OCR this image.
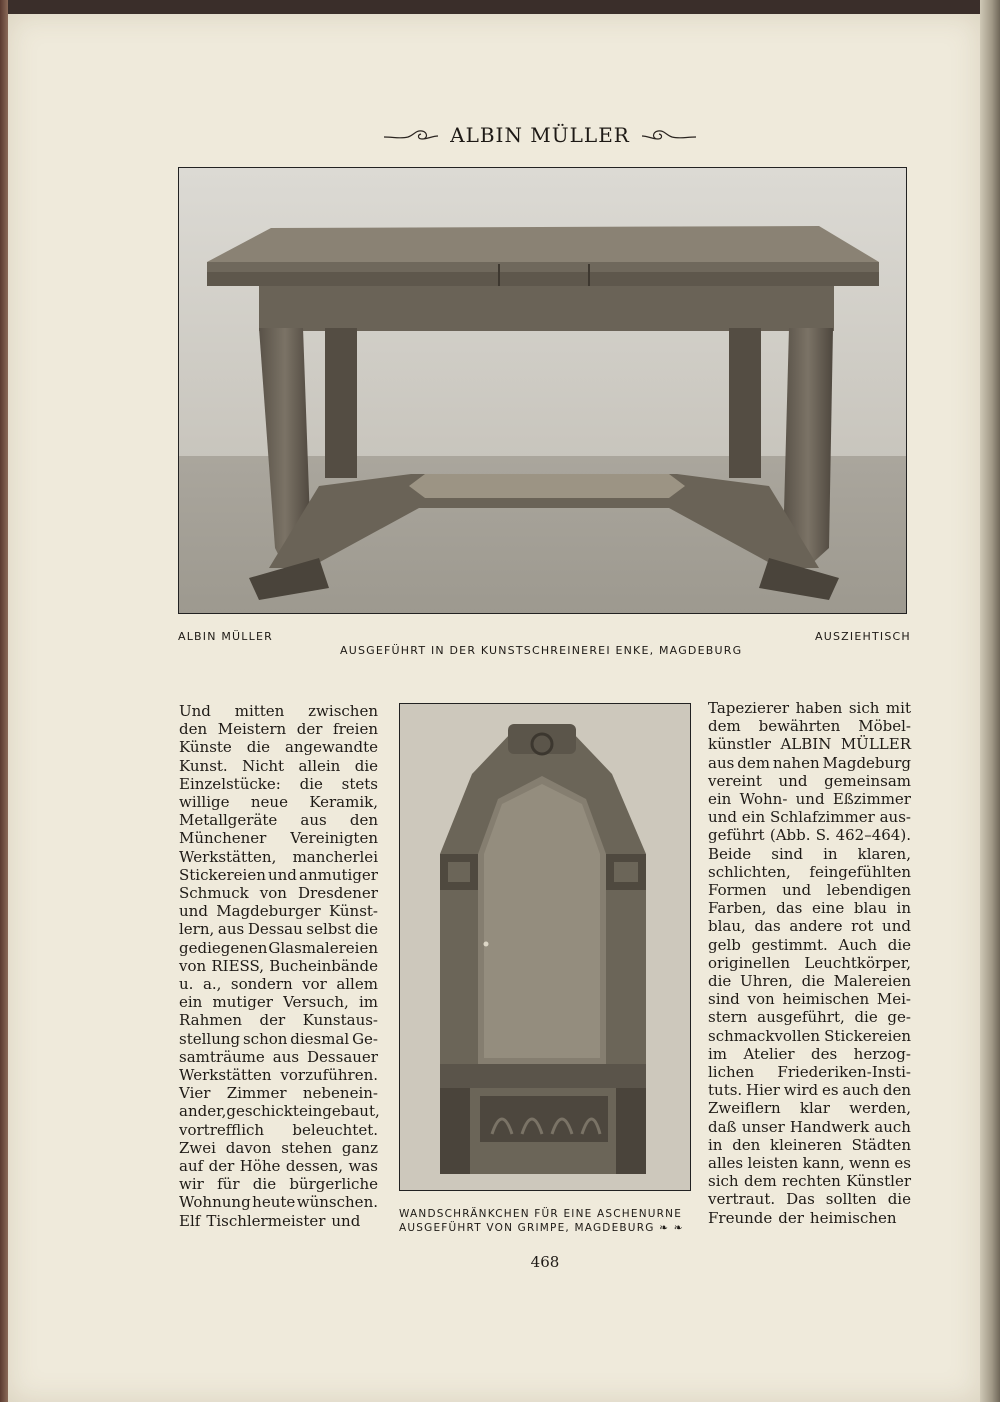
ALBIN MÜLLER
ALBIN MÜLLER	AUSZIEHTISCH
AUSGEFÜHRT IN DER KUNSTSCHREINEREI ENKE, MAGDEBURG
Und mitten zwischen
den Meistern der freien
Künste die angewandte
Kunst. Nicht allein die
Einzelstücke: die stets
willige neue Keramik,
Metallgeräte aus den
Münchener Vereinigten
Werkstätten, mancherlei
Stickereien und anmutiger
Schmuck von Dresdener
und Magdeburger Künst-
lern, aus Dessau selbst die
gediegenen Glasmalereien
von RIESS, Bucheinbände
u. a., sondern vor allem
ein mutiger Versuch, im
Rahmen der Kunstaus-
stellung schon diesmal Ge-
samträume aus Dessauer
Werkstätten vorzuführen.
Vier Zimmer nebenein-
ander, geschickt eingebaut,
vortrefflich beleuchtet.
Zwei davon stehen ganz
auf der Höhe dessen, was
wir für die bürgerliche
Wohnung heute wünschen.
Elf Tischlermeister und	WANDSCHRÄNKCHEN FÜR EINE ASCHENURNE
AUSGEFÜHRT VON GRIMPE, MAGDEBURG ❧ ❧
Tapezierer haben sich mit
dem bewährten Möbel-
künstler ALBIN MÜLLER
aus dem nahen Magdeburg
vereint und gemeinsam
ein Wohn- und Eßzimmer
und ein Schlafzimmer aus-
geführt (Abb. S. 462–464).
Beide sind in klaren,
schlichten, feingefühlten
Formen und lebendigen
Farben, das eine blau in
blau, das andere rot und
gelb gestimmt. Auch die
originellen Leuchtkörper,
die Uhren, die Malereien
sind von heimischen Mei-
stern ausgeführt, die ge-
schmackvollen Stickereien
im Atelier des herzog-
lichen Friederiken-Insti-
tuts. Hier wird es auch den
Zweiflern klar werden,
daß unser Handwerk auch
in den kleineren Städten
alles leisten kann, wenn es
sich dem rechten Künstler
vertraut. Das sollten die
Freunde der heimischen
468
